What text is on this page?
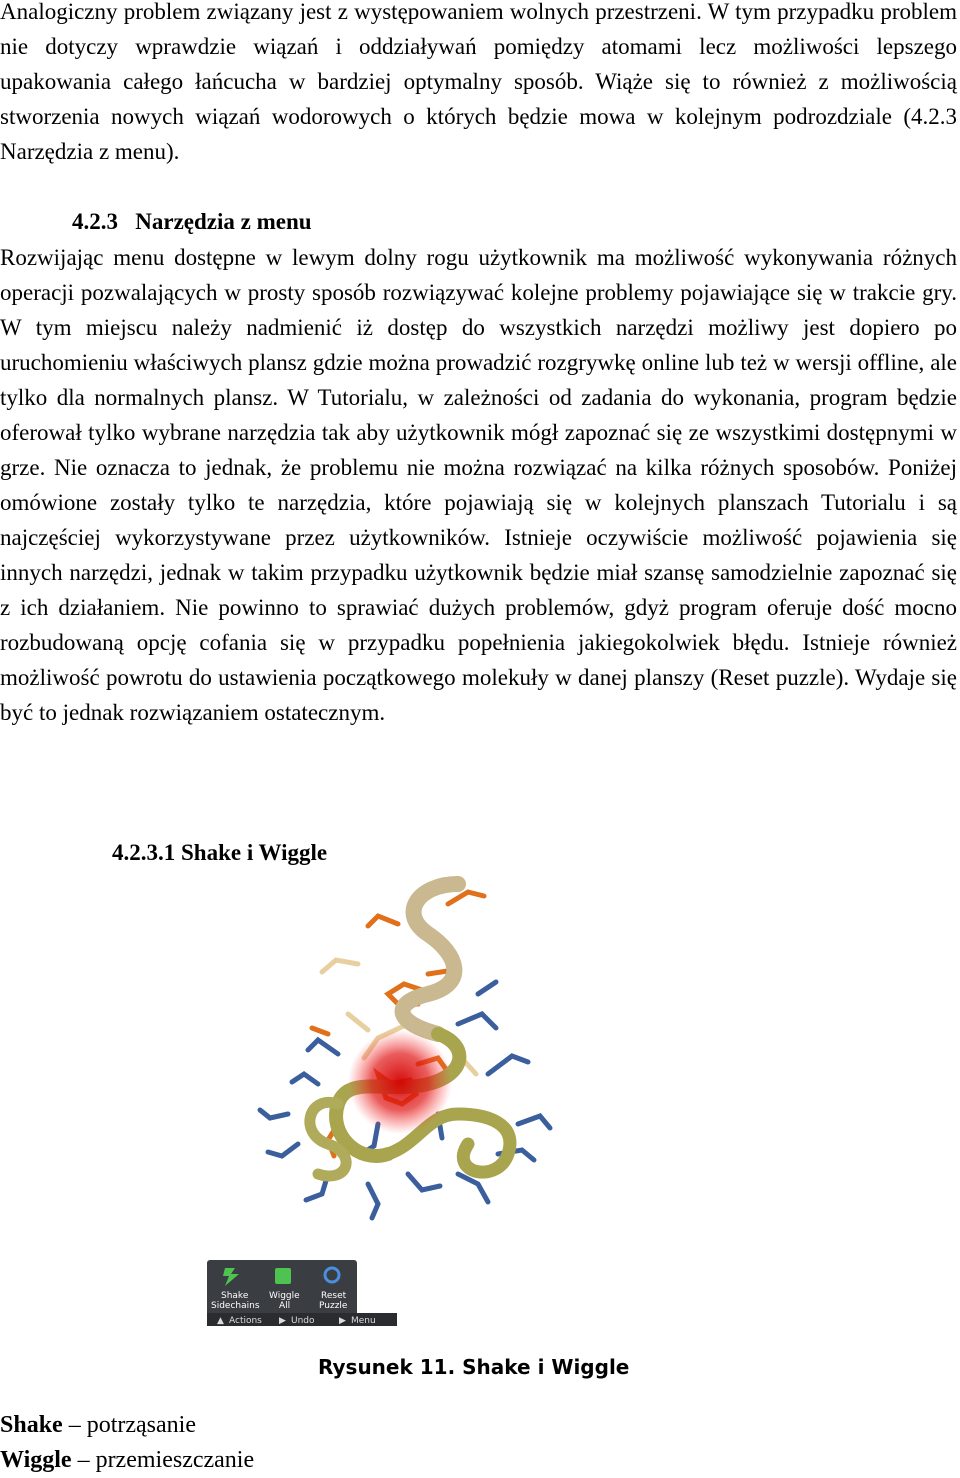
Analogiczny problem związany jest z występowaniem wolnych przestrzeni. W tym przypadku problem nie dotyczy wprawdzie wiązań i oddziaływań pomiędzy atomami lecz możliwości lepszego upakowania całego łańcucha w bardziej optymalny sposób. Wiąże się to również z możliwością stworzenia nowych wiązań wodorowych o których będzie mowa w kolejnym podrozdziale (4.2.3 Narzędzia z menu).

4.2.3 Narzędzia z menu

Rozwijając menu dostępne w lewym dolny rogu użytkownik ma możliwość wykonywania różnych operacji pozwalających w prosty sposób rozwiązywać kolejne problemy pojawiające się w trakcie gry. W tym miejscu należy nadmienić iż dostęp do wszystkich narzędzi możliwy jest dopiero po uruchomieniu właściwych plansz gdzie można prowadzić rozgrywkę online lub też w wersji offline, ale tylko dla normalnych plansz. W Tutorialu, w zależności od zadania do wykonania, program będzie oferował tylko wybrane narzędzia tak aby użytkownik mógł zapoznać się ze wszystkimi dostępnymi w grze. Nie oznacza to jednak, że problemu nie można rozwiązać na kilka różnych sposobów. Poniżej omówione zostały tylko te narzędzia, które pojawiają się w kolejnych planszach Tutorialu i są najczęściej wykorzystywane przez użytkowników. Istnieje oczywiście możliwość pojawienia się innych narzędzi, jednak w takim przypadku użytkownik będzie miał szansę samodzielnie zapoznać się z ich działaniem. Nie powinno to sprawiać dużych problemów, gdyż program oferuje dość mocno rozbudowaną opcję cofania się w przypadku popełnienia jakiegokolwiek błędu. Istnieje również możliwość powrotu do ustawienia początkowego molekuły w danej planszy (Reset puzzle). Wydaje się być to jednak rozwiązaniem ostatecznym.

4.2.3.1 Shake i Wiggle
Shake
Sidechains
Wiggle
All
Reset
Puzzle
▲ Actions ▶ Undo	▶ Menu
Rysunek 11. Shake i Wiggle
Shake – potrząsanie
Wiggle – przemieszczanie
